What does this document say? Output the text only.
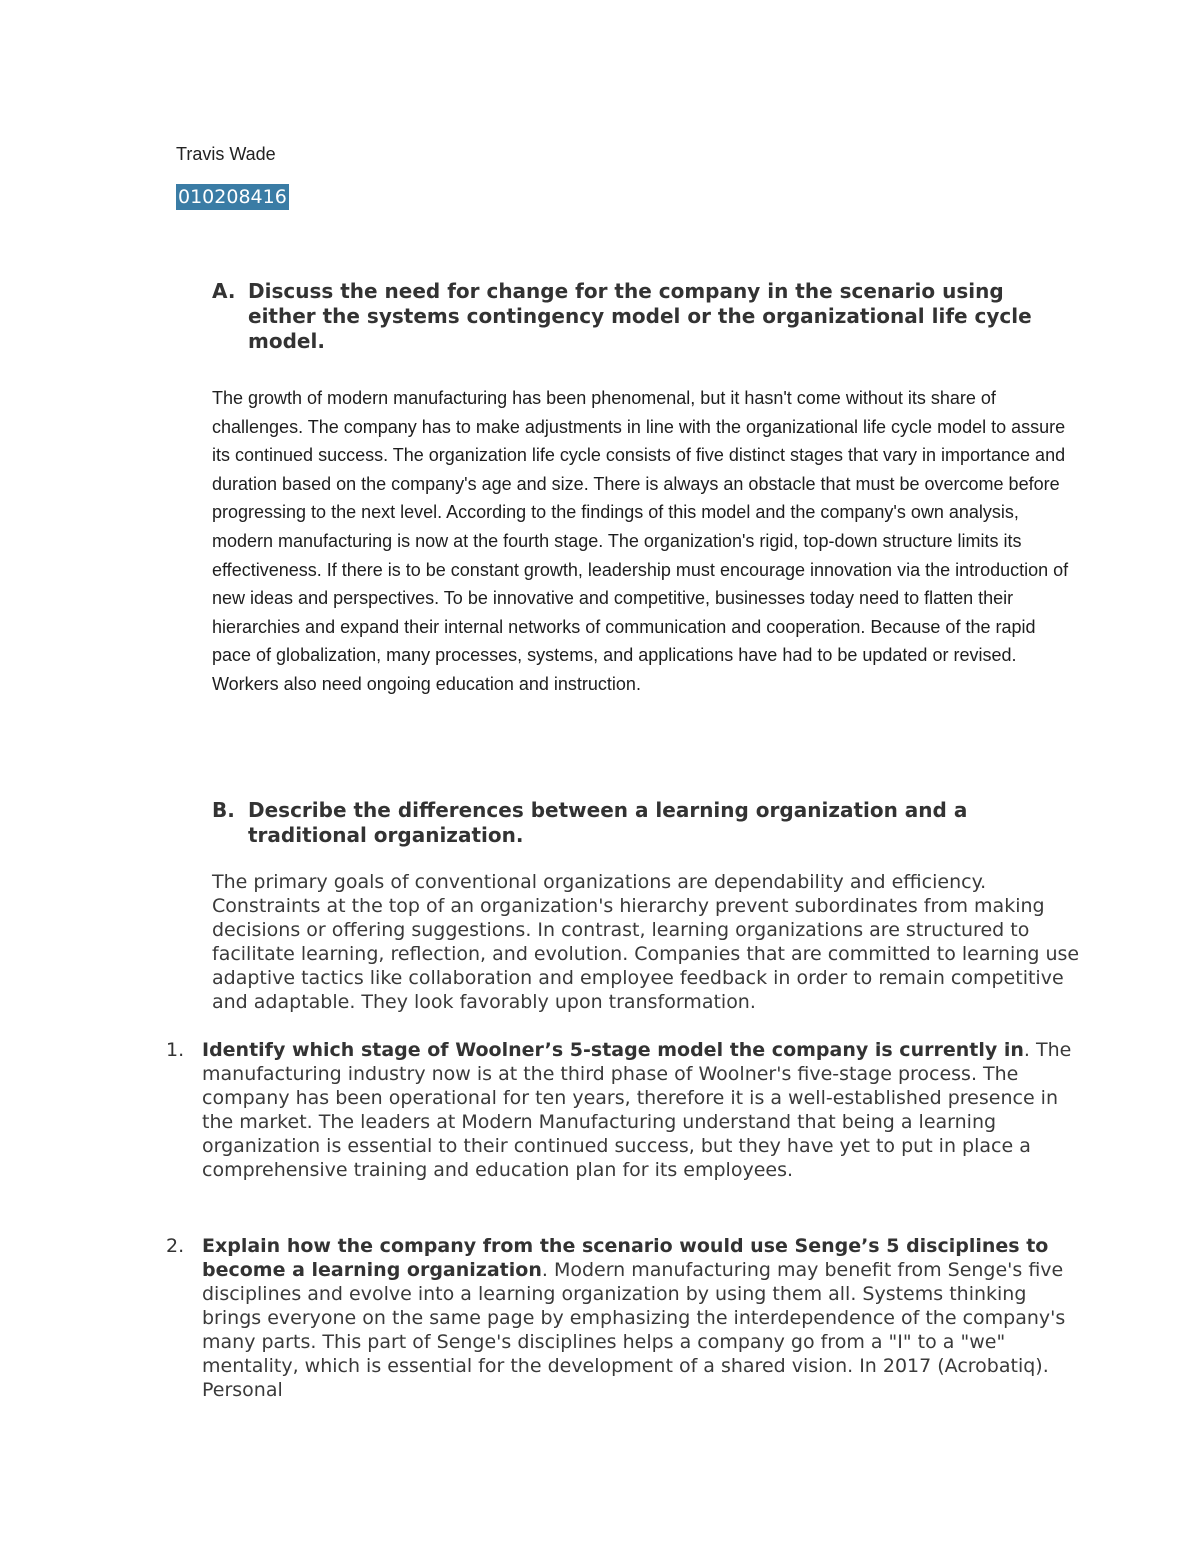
Travis Wade
010208416
A. Discuss the need for change for the company in the scenario using either the systems contingency model or the organizational life cycle model.
The growth of modern manufacturing has been phenomenal, but it hasn't come without its share of challenges. The company has to make adjustments in line with the organizational life cycle model to assure its continued success. The organization life cycle consists of five distinct stages that vary in importance and duration based on the company's age and size. There is always an obstacle that must be overcome before progressing to the next level. According to the findings of this model and the company's own analysis, modern manufacturing is now at the fourth stage. The organization's rigid, top-down structure limits its effectiveness. If there is to be constant growth, leadership must encourage innovation via the introduction of new ideas and perspectives. To be innovative and competitive, businesses today need to flatten their hierarchies and expand their internal networks of communication and cooperation. Because of the rapid pace of globalization, many processes, systems, and applications have had to be updated or revised. Workers also need ongoing education and instruction.
B. Describe the differences between a learning organization and a traditional organization.
The primary goals of conventional organizations are dependability and efficiency. Constraints at the top of an organization's hierarchy prevent subordinates from making decisions or offering suggestions. In contrast, learning organizations are structured to facilitate learning, reflection, and evolution. Companies that are committed to learning use adaptive tactics like collaboration and employee feedback in order to remain competitive and adaptable. They look favorably upon transformation.
1. Identify which stage of Woolner’s 5-stage model the company is currently in. The manufacturing industry now is at the third phase of Woolner's five-stage process. The company has been operational for ten years, therefore it is a well-established presence in the market. The leaders at Modern Manufacturing understand that being a learning organization is essential to their continued success, but they have yet to put in place a comprehensive training and education plan for its employees.
2. Explain how the company from the scenario would use Senge’s 5 disciplines to become a learning organization. Modern manufacturing may benefit from Senge's five disciplines and evolve into a learning organization by using them all. Systems thinking brings everyone on the same page by emphasizing the interdependence of the company's many parts. This part of Senge's disciplines helps a company go from a "I" to a "we" mentality, which is essential for the development of a shared vision. In 2017 (Acrobatiq). Personal
